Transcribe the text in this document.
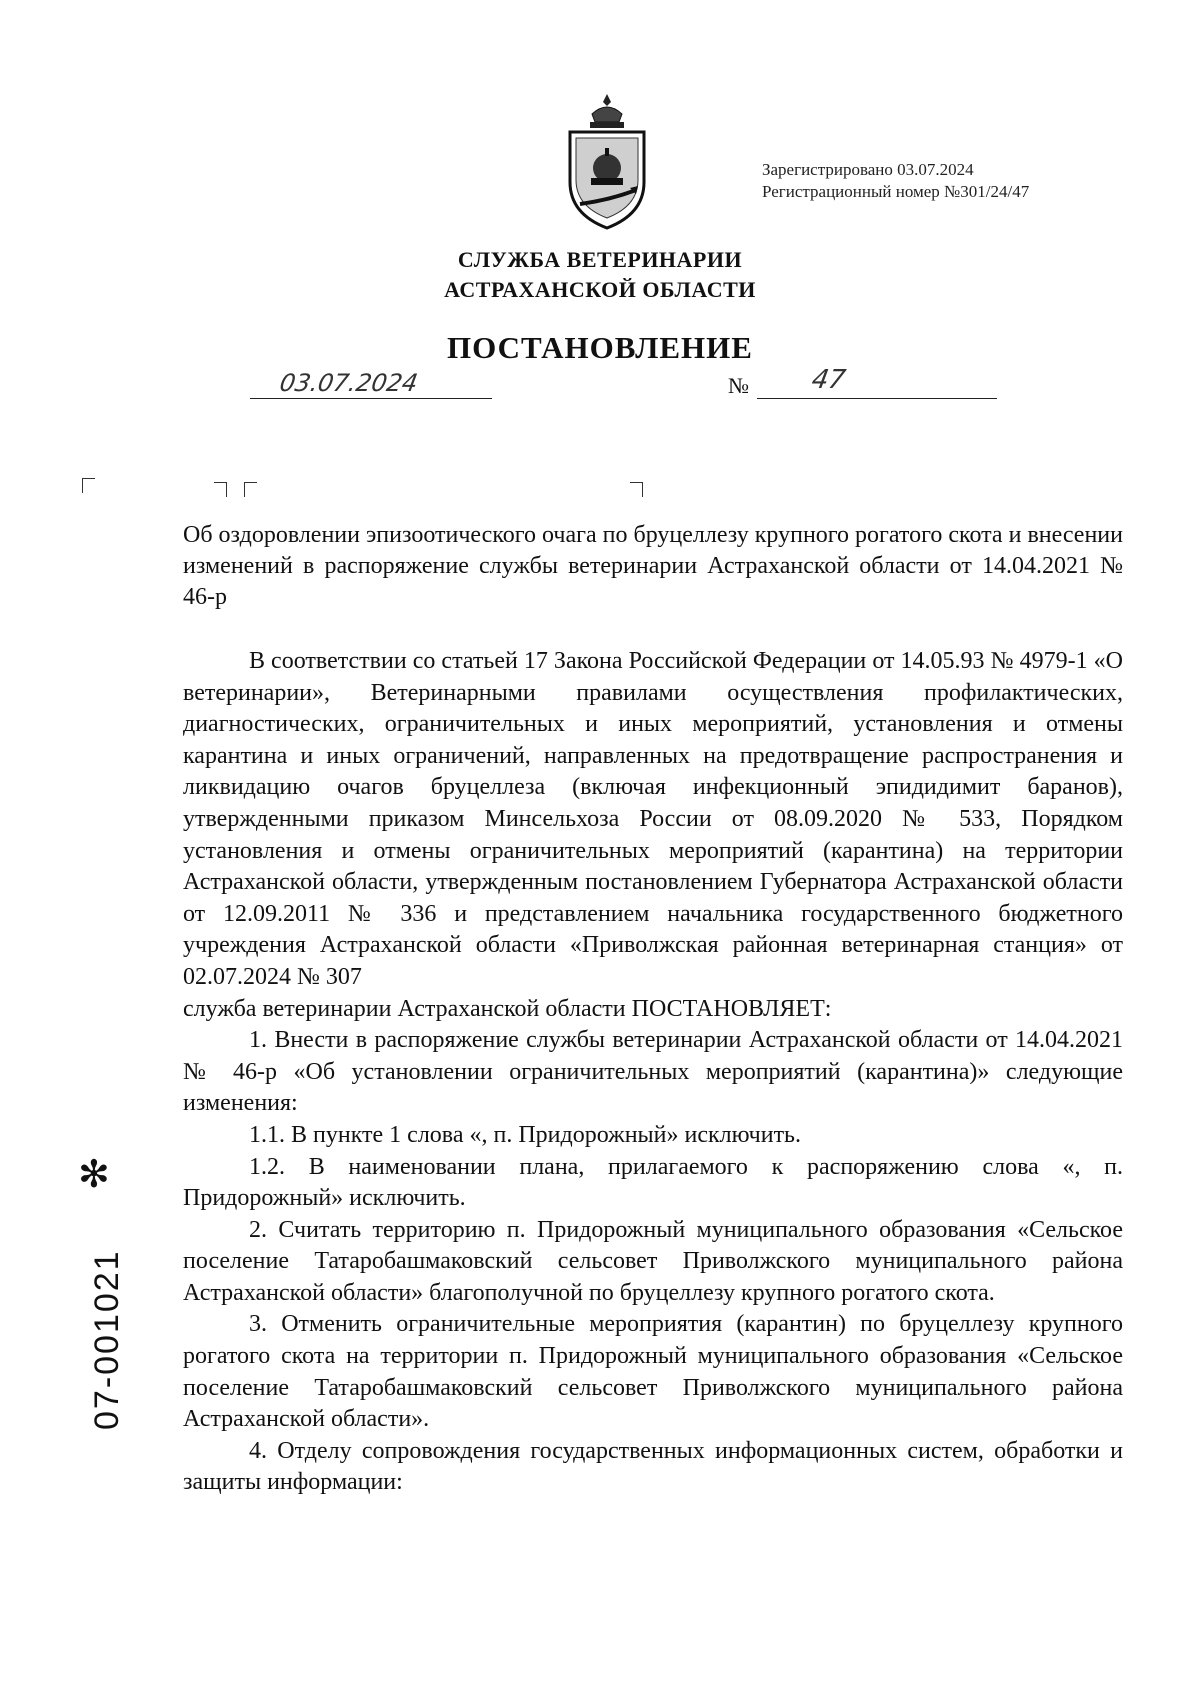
Зарегистрировано 03.07.2024
Регистрационный номер №301/24/47
СЛУЖБА ВЕТЕРИНАРИИ
АСТРАХАНСКОЙ ОБЛАСТИ
ПОСТАНОВЛЕНИЕ
03.07.2024	№ 47
Об оздоровлении эпизоотического очага по бруцеллезу крупного рогатого скота и внесении изменений в распоряжение службы ветеринарии Астраханской области от 14.04.2021 № 46-р

В соответствии со статьей 17 Закона Российской Федерации от 14.05.93 № 4979-1 «О ветеринарии», Ветеринарными правилами осуществления профилактических, диагностических, ограничительных и иных мероприятий, установления и отмены карантина и иных ограничений, направленных на предотвращение распространения и ликвидацию очагов бруцеллеза (включая инфекционный эпидидимит баранов), утвержденными приказом Минсельхоза России от 08.09.2020 № 533, Порядком установления и отмены ограничительных мероприятий (карантина) на территории Астраханской области, утвержденным постановлением Губернатора Астраханской области от 12.09.2011 № 336 и представлением начальника государственного бюджетного учреждения Астраханской области «Приволжская районная ветеринарная станция» от 02.07.2024 № 307

служба ветеринарии Астраханской области ПОСТАНОВЛЯЕТ:

1. Внести в распоряжение службы ветеринарии Астраханской области от 14.04.2021 № 46-р «Об установлении ограничительных мероприятий (карантина)» следующие изменения:

1.1. В пункте 1 слова «, п. Придорожный» исключить.

1.2. В наименовании плана, прилагаемого к распоряжению слова «, п. Придорожный» исключить.

2. Считать территорию п. Придорожный муниципального образования «Сельское поселение Татаробашмаковский сельсовет Приволжского муниципального района Астраханской области» благополучной по бруцеллезу крупного рогатого скота.

3. Отменить ограничительные мероприятия (карантин) по бруцеллезу крупного рогатого скота на территории п. Придорожный муниципального образования «Сельское поселение Татаробашмаковский сельсовет Приволжского муниципального района Астраханской области».

4. Отделу сопровождения государственных информационных систем, обработки и защиты информации:

✻
07-001021
